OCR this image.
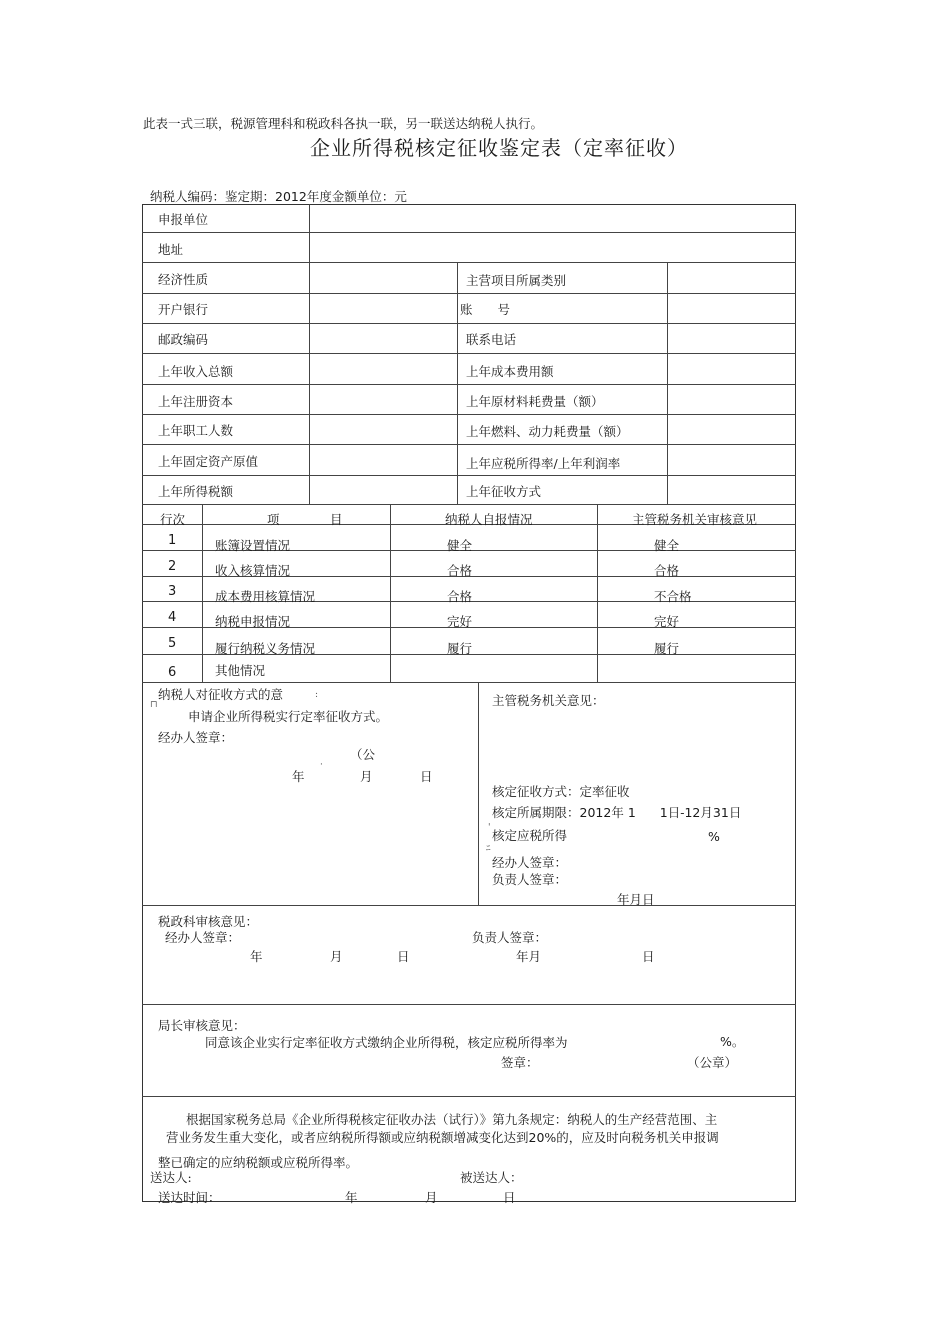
此表一式三联，税源管理科和税政科各执一联，另一联送达纳税人执行。
企业所得税核定征收鉴定表（定率征收）
纳税人编码：鉴定期：2012年度金额单位：元
申报单位
地址
经济性质	主营项目所属类别
开户银行	账　　号
邮政编码	联系电话
上年收入总额	上年成本费用额
上年注册资本	上年原材料耗费量（额）
上年职工人数	上年燃料、动力耗费量（额）
上年固定资产原值	上年应税所得率/上年利润率
上年所得税额	上年征收方式
行次	项	目	纳税人自报情况	主管税务机关审核意见
1	账簿设置情况	健全	健全
2	收入核算情况	合格	合格
3	成本费用核算情况	合格	不合格
4	纳税申报情况	完好	完好
5	履行纳税义务情况	履行	履行
6	其他情况
纳税人对征收方式的意	:
⊓
申请企业所得税实行定率征收方式。
经办人签章：
（公
·
年	月	日
主管税务机关意见：
核定征收方式：定率征收
核定所属期限：2012年 1 1日-12月31日
' 核定应税所得	%
ﾆ
经办人签章：
负责人签章：
年月日
税政科审核意见：
经办人签章：	负责人签章：
年	月	日	年月	日
局长审核意见：
同意该企业实行定率征收方式缴纳企业所得税，核定应税所得率为	%。
签章：	（公章）
根据国家税务总局《企业所得税核定征收办法（试行）》第九条规定：纳税人的生产经营范围、主
营业务发生重大变化，或者应纳税所得额或应纳税额增减变化达到20%的，应及时向税务机关申报调
整已确定的应纳税额或应税所得率。
送达人:	被送达人：
送达时间：	年	月	日
